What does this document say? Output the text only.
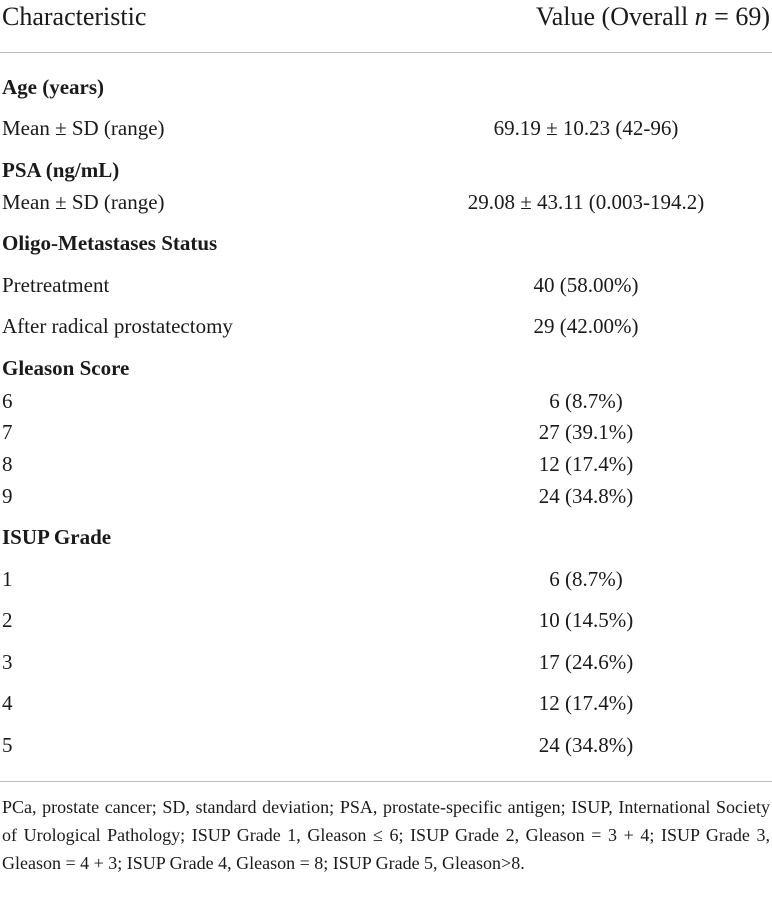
Characteristic	Value (Overall n = 69)
Age (years)
Mean ± SD (range)	69.19 ± 10.23 (42-96)
PSA (ng/mL)
Mean ± SD (range)	29.08 ± 43.11 (0.003-194.2)
Oligo-Metastases Status
Pretreatment	40 (58.00%)
After radical prostatectomy	29 (42.00%)
Gleason Score
6	6 (8.7%)
7	27 (39.1%)
8	12 (17.4%)
9	24 (34.8%)
ISUP Grade
1	6 (8.7%)
2	10 (14.5%)
3	17 (24.6%)
4	12 (17.4%)
5	24 (34.8%)
PCa, prostate cancer; SD, standard deviation; PSA, prostate-specific antigen; ISUP, International Society of Urological Pathology; ISUP Grade 1, Gleason ≤ 6; ISUP Grade 2, Gleason = 3 + 4; ISUP Grade 3, Gleason = 4 + 3; ISUP Grade 4, Gleason = 8; ISUP Grade 5, Gleason>8.
